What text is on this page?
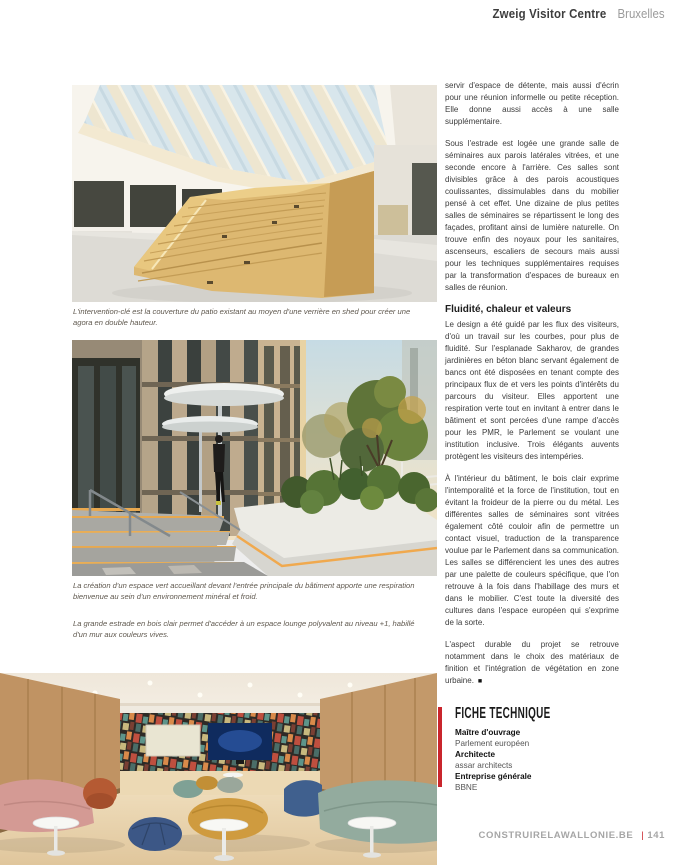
Zweig Visitor Centre Bruxelles
L'intervention-clé est la couverture du patio existant au moyen d'une verrière en shed pour créer une agora en double hauteur.
La création d'un espace vert accueillant devant l'entrée principale du bâtiment apporte une respiration bienvenue au sein d'un environnement minéral et froid.
La grande estrade en bois clair permet d'accéder à un espace lounge polyvalent au niveau +1, habillé d'un mur aux couleurs vives.

servir d'espace de détente, mais aussi d'écrin pour une réunion informelle ou petite réception. Elle donne aussi accès à une salle supplémentaire.

Sous l'estrade est logée une grande salle de séminaires aux parois latérales vitrées, et une seconde encore à l'arrière. Ces salles sont divisibles grâce à des parois acoustiques coulissantes, dissimulables dans du mobilier pensé à cet effet. Une dizaine de plus petites salles de séminaires se répartissent le long des façades, profitant ainsi de lumière naturelle. On trouve enfin des noyaux pour les sanitaires, ascenseurs, escaliers de secours mais aussi pour les techniques supplémentaires requises par la transformation d'espaces de bureaux en salles de réunion.

Fluidité, chaleur et valeurs

Le design a été guidé par les flux des visiteurs, d'où un travail sur les courbes, pour plus de fluidité. Sur l'esplanade Sakharov, de grandes jardinières en béton blanc servant également de bancs ont été disposées en tenant compte des principaux flux de et vers les points d'intérêts du parcours du visiteur. Elles apportent une respiration verte tout en invitant à entrer dans le bâtiment et sont percées d'une rampe d'accès pour les PMR, le Parlement se voulant une institution inclusive. Trois élégants auvents protègent les visiteurs des intempéries.

À l'intérieur du bâtiment, le bois clair exprime l'intemporalité et la force de l'institution, tout en évitant la froideur de la pierre ou du métal. Les différentes salles de séminaires sont vitrées également côté couloir afin de permettre un contact visuel, traduction de la transparence voulue par le Parlement dans sa communication. Les salles se différencient les unes des autres par une palette de couleurs spécifique, que l'on retrouve à la fois dans l'habillage des murs et dans le mobilier. C'est toute la diversité des cultures dans l'espace européen qui s'exprime de la sorte.

L'aspect durable du projet se retrouve notamment dans le choix des matériaux de finition et l'intégration de végétation en zone urbaine. ■

FICHE TECHNIQUE
Maître d'ouvrage
Parlement européen
Architecte
assar architects
Entreprise générale
BBNE
CONSTRUIRELAWALLONIE.BE | 141
